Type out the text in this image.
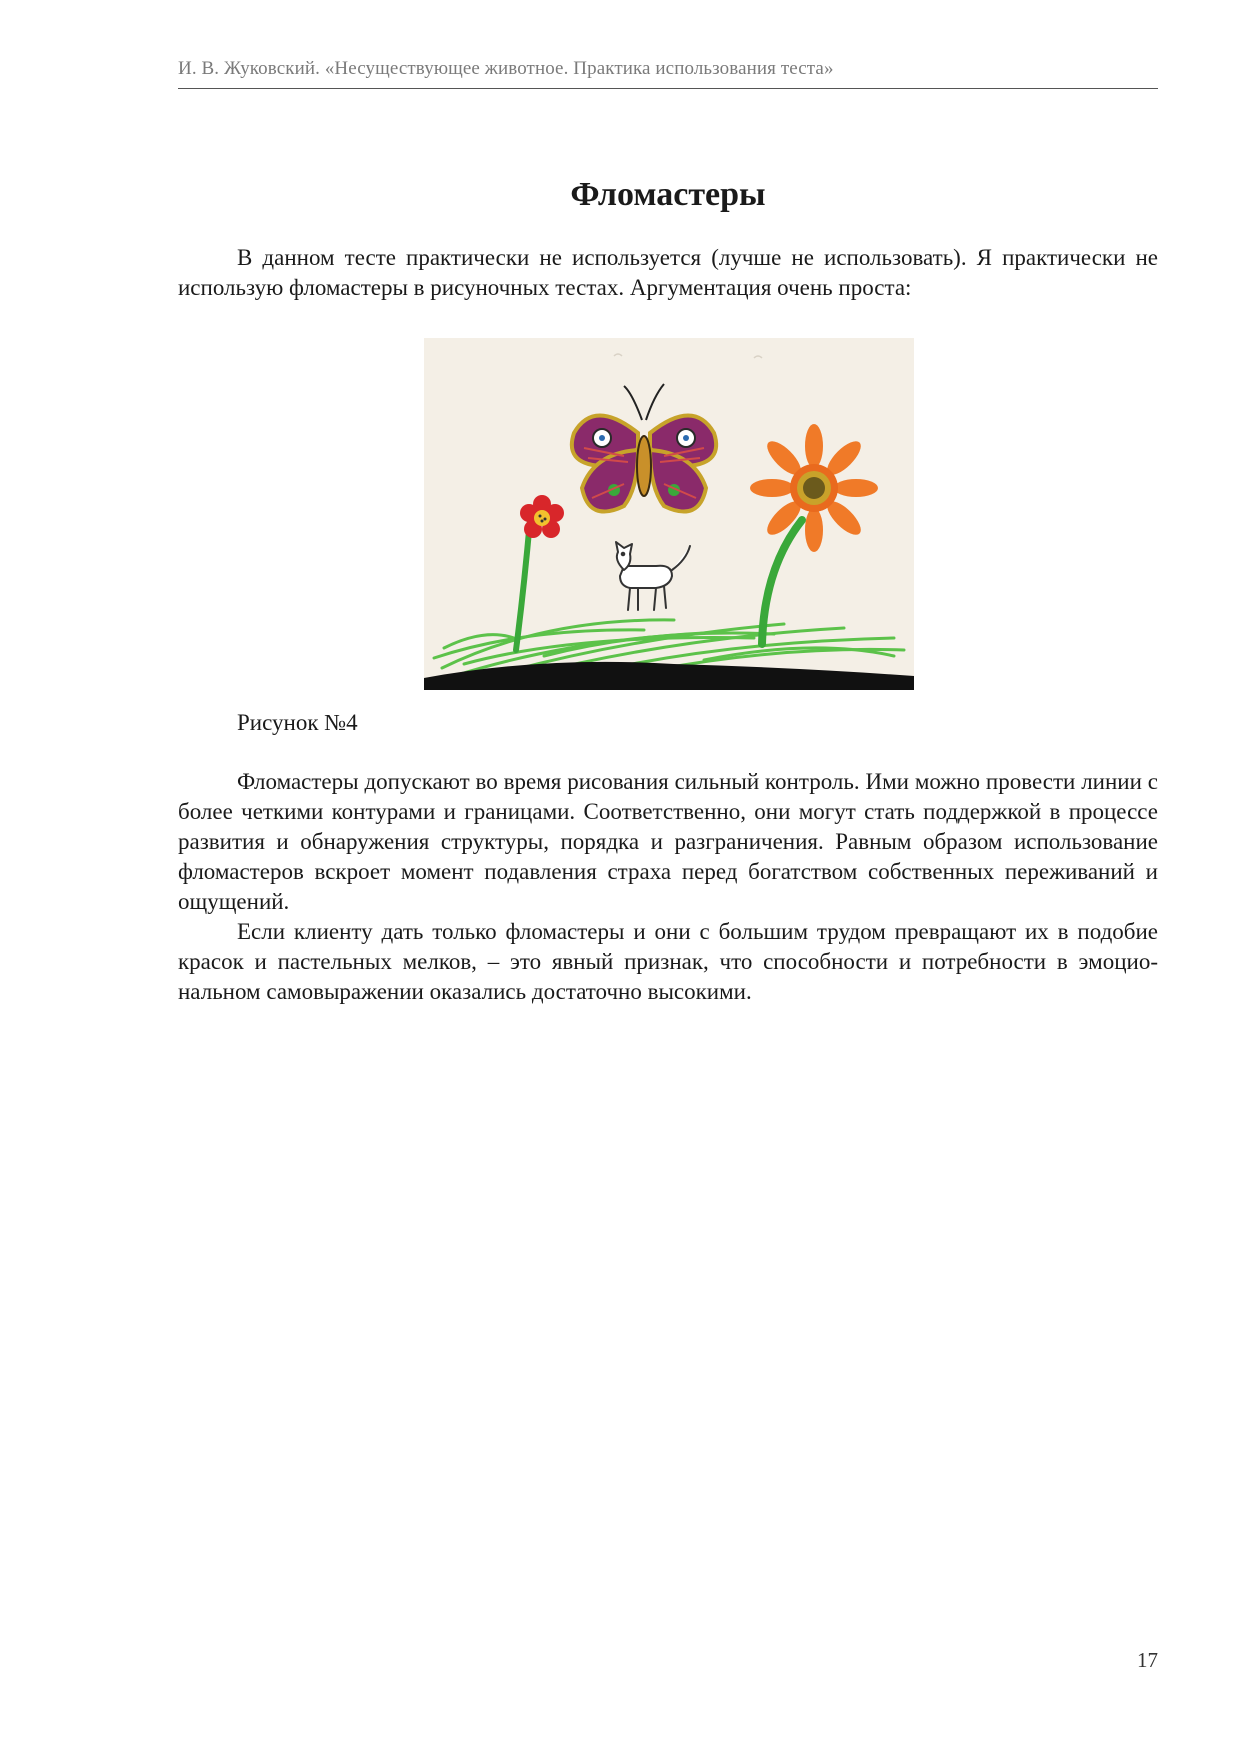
И. В. Жуковский. «Несуществующее животное. Практика использования теста»
Фломастеры

В данном тесте практически не используется (лучше не использовать). Я практически не использую фломастеры в рисуночных тестах. Аргументация очень проста:

Рисунок №4

Фломастеры допускают во время рисования сильный контроль. Ими можно провести линии с более четкими контурами и границами. Соответственно, они могут стать поддержкой в процессе развития и обнаружения структуры, порядка и разграничения. Равным образом использование фломастеров вскроет момент подавления страха перед богатством собственных переживаний и ощущений.

Если клиенту дать только фломастеры и они с большим трудом превращают их в подобие красок и пастельных мелков, – это явный признак, что способности и потребности в эмоциональном самовыражении оказались достаточно высокими.

17
